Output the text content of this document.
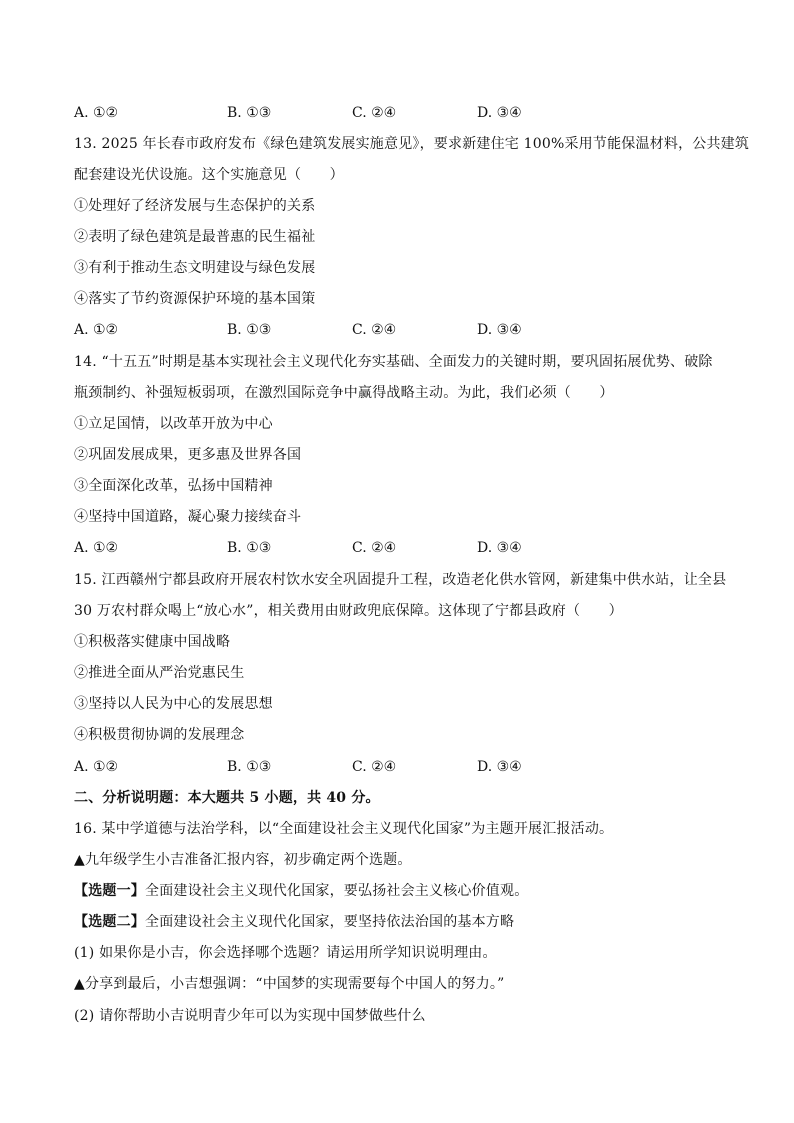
A. ①②	B. ①③	C. ②④	D. ③④
13. 2025 年长春市政府发布《绿色建筑发展实施意见》，要求新建住宅 100%采用节能保温材料，公共建筑
配套建设光伏设施。这个实施意见（　　）
①处理好了经济发展与生态保护的关系
②表明了绿色建筑是最普惠的民生福祉
③有利于推动生态文明建设与绿色发展
④落实了节约资源保护环境的基本国策
A. ①②	B. ①③	C. ②④	D. ③④
14. “十五五”时期是基本实现社会主义现代化夯实基础、全面发力的关键时期，要巩固拓展优势、破除
瓶颈制约、补强短板弱项，在激烈国际竞争中赢得战略主动。为此，我们必须（　　）
①立足国情，以改革开放为中心
②巩固发展成果，更多惠及世界各国
③全面深化改革，弘扬中国精神
④坚持中国道路，凝心聚力接续奋斗
A. ①②	B. ①③	C. ②④	D. ③④
15. 江西赣州宁都县政府开展农村饮水安全巩固提升工程，改造老化供水管网，新建集中供水站，让全县
30 万农村群众喝上“放心水”，相关费用由财政兜底保障。这体现了宁都县政府（　　）
①积极落实健康中国战略
②推进全面从严治党惠民生
③坚持以人民为中心的发展思想
④积极贯彻协调的发展理念
A. ①②	B. ①③	C. ②④	D. ③④
二、分析说明题：本大题共 5 小题，共 40 分。
16. 某中学道德与法治学科，以“全面建设社会主义现代化国家”为主题开展汇报活动。
▲九年级学生小吉准备汇报内容，初步确定两个选题。
【选题一】全面建设社会主义现代化国家，要弘扬社会主义核心价值观。
【选题二】全面建设社会主义现代化国家，要坚持依法治国的基本方略
(1) 如果你是小吉，你会选择哪个选题？请运用所学知识说明理由。
▲分享到最后，小吉想强调：“中国梦的实现需要每个中国人的努力。”
(2) 请你帮助小吉说明青少年可以为实现中国梦做些什么
